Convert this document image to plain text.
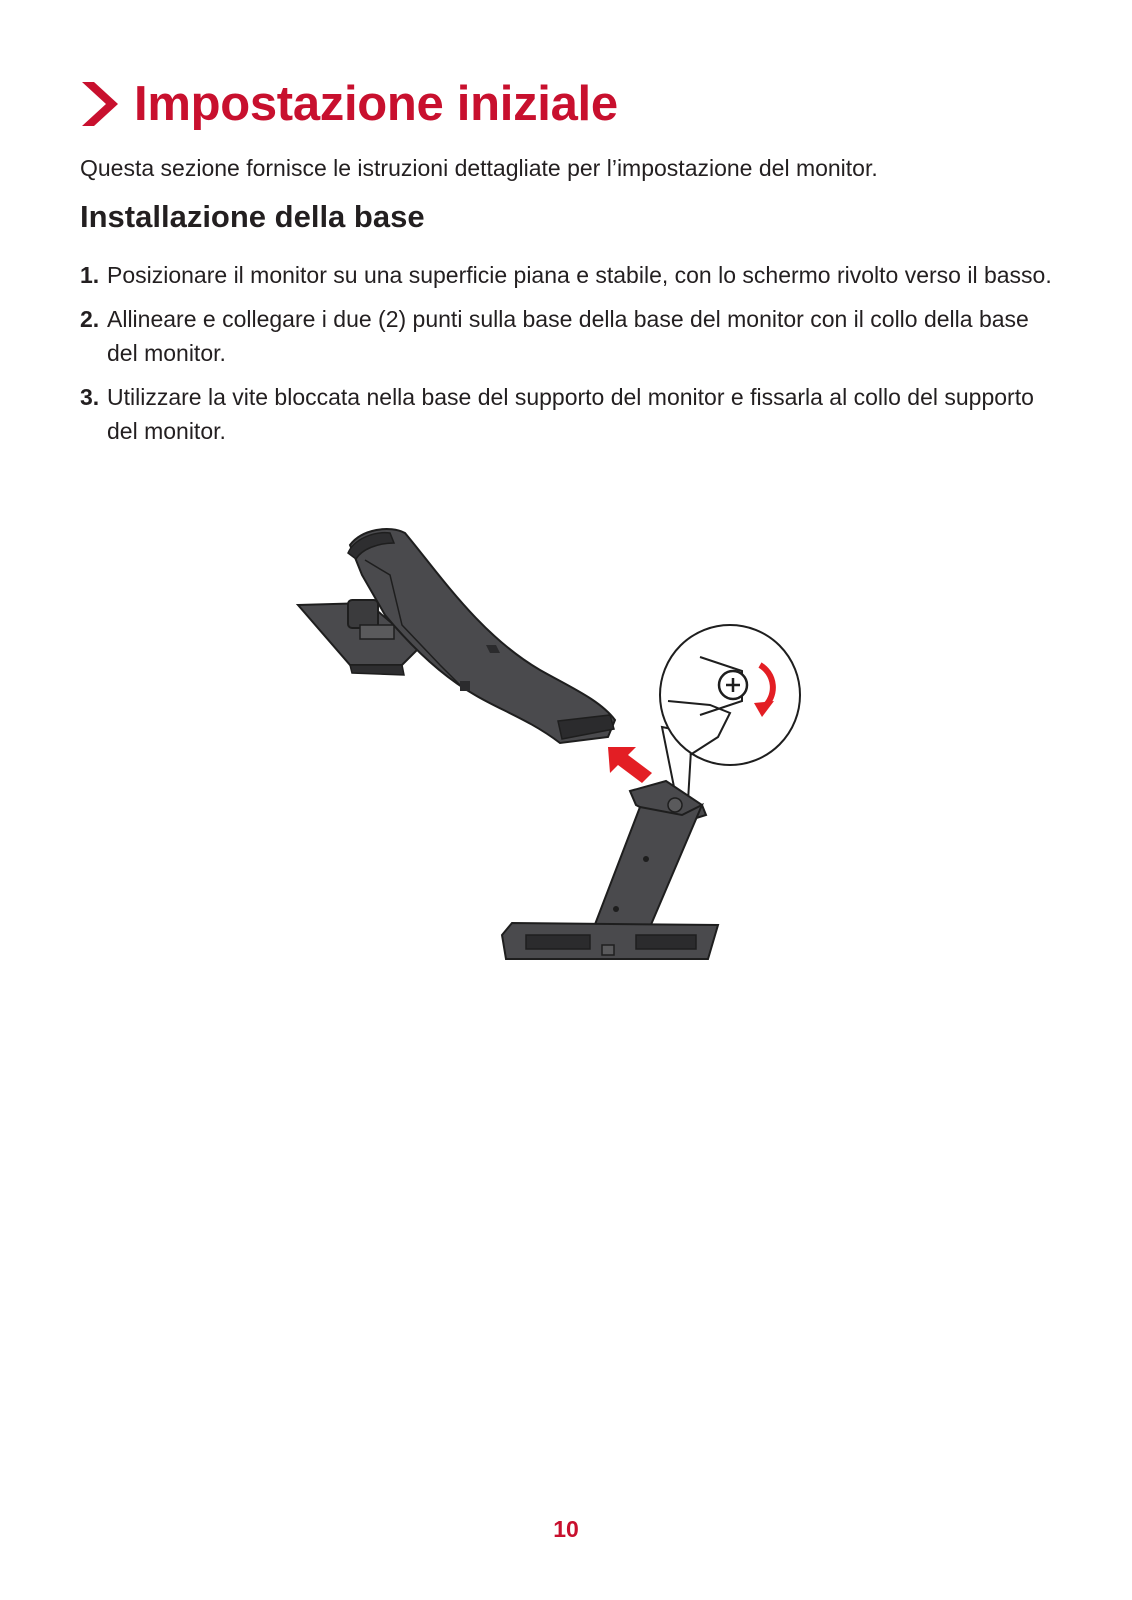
Impostazione iniziale
Questa sezione fornisce le istruzioni dettagliate per l’impostazione del monitor.
Installazione della base
1. Posizionare il monitor su una superficie piana e stabile, con lo schermo rivolto verso il basso.
2. Allineare e collegare i due (2) punti sulla base della base del monitor con il collo della base del monitor.
3. Utilizzare la vite bloccata nella base del supporto del monitor e fissarla al collo del supporto del monitor.
10
